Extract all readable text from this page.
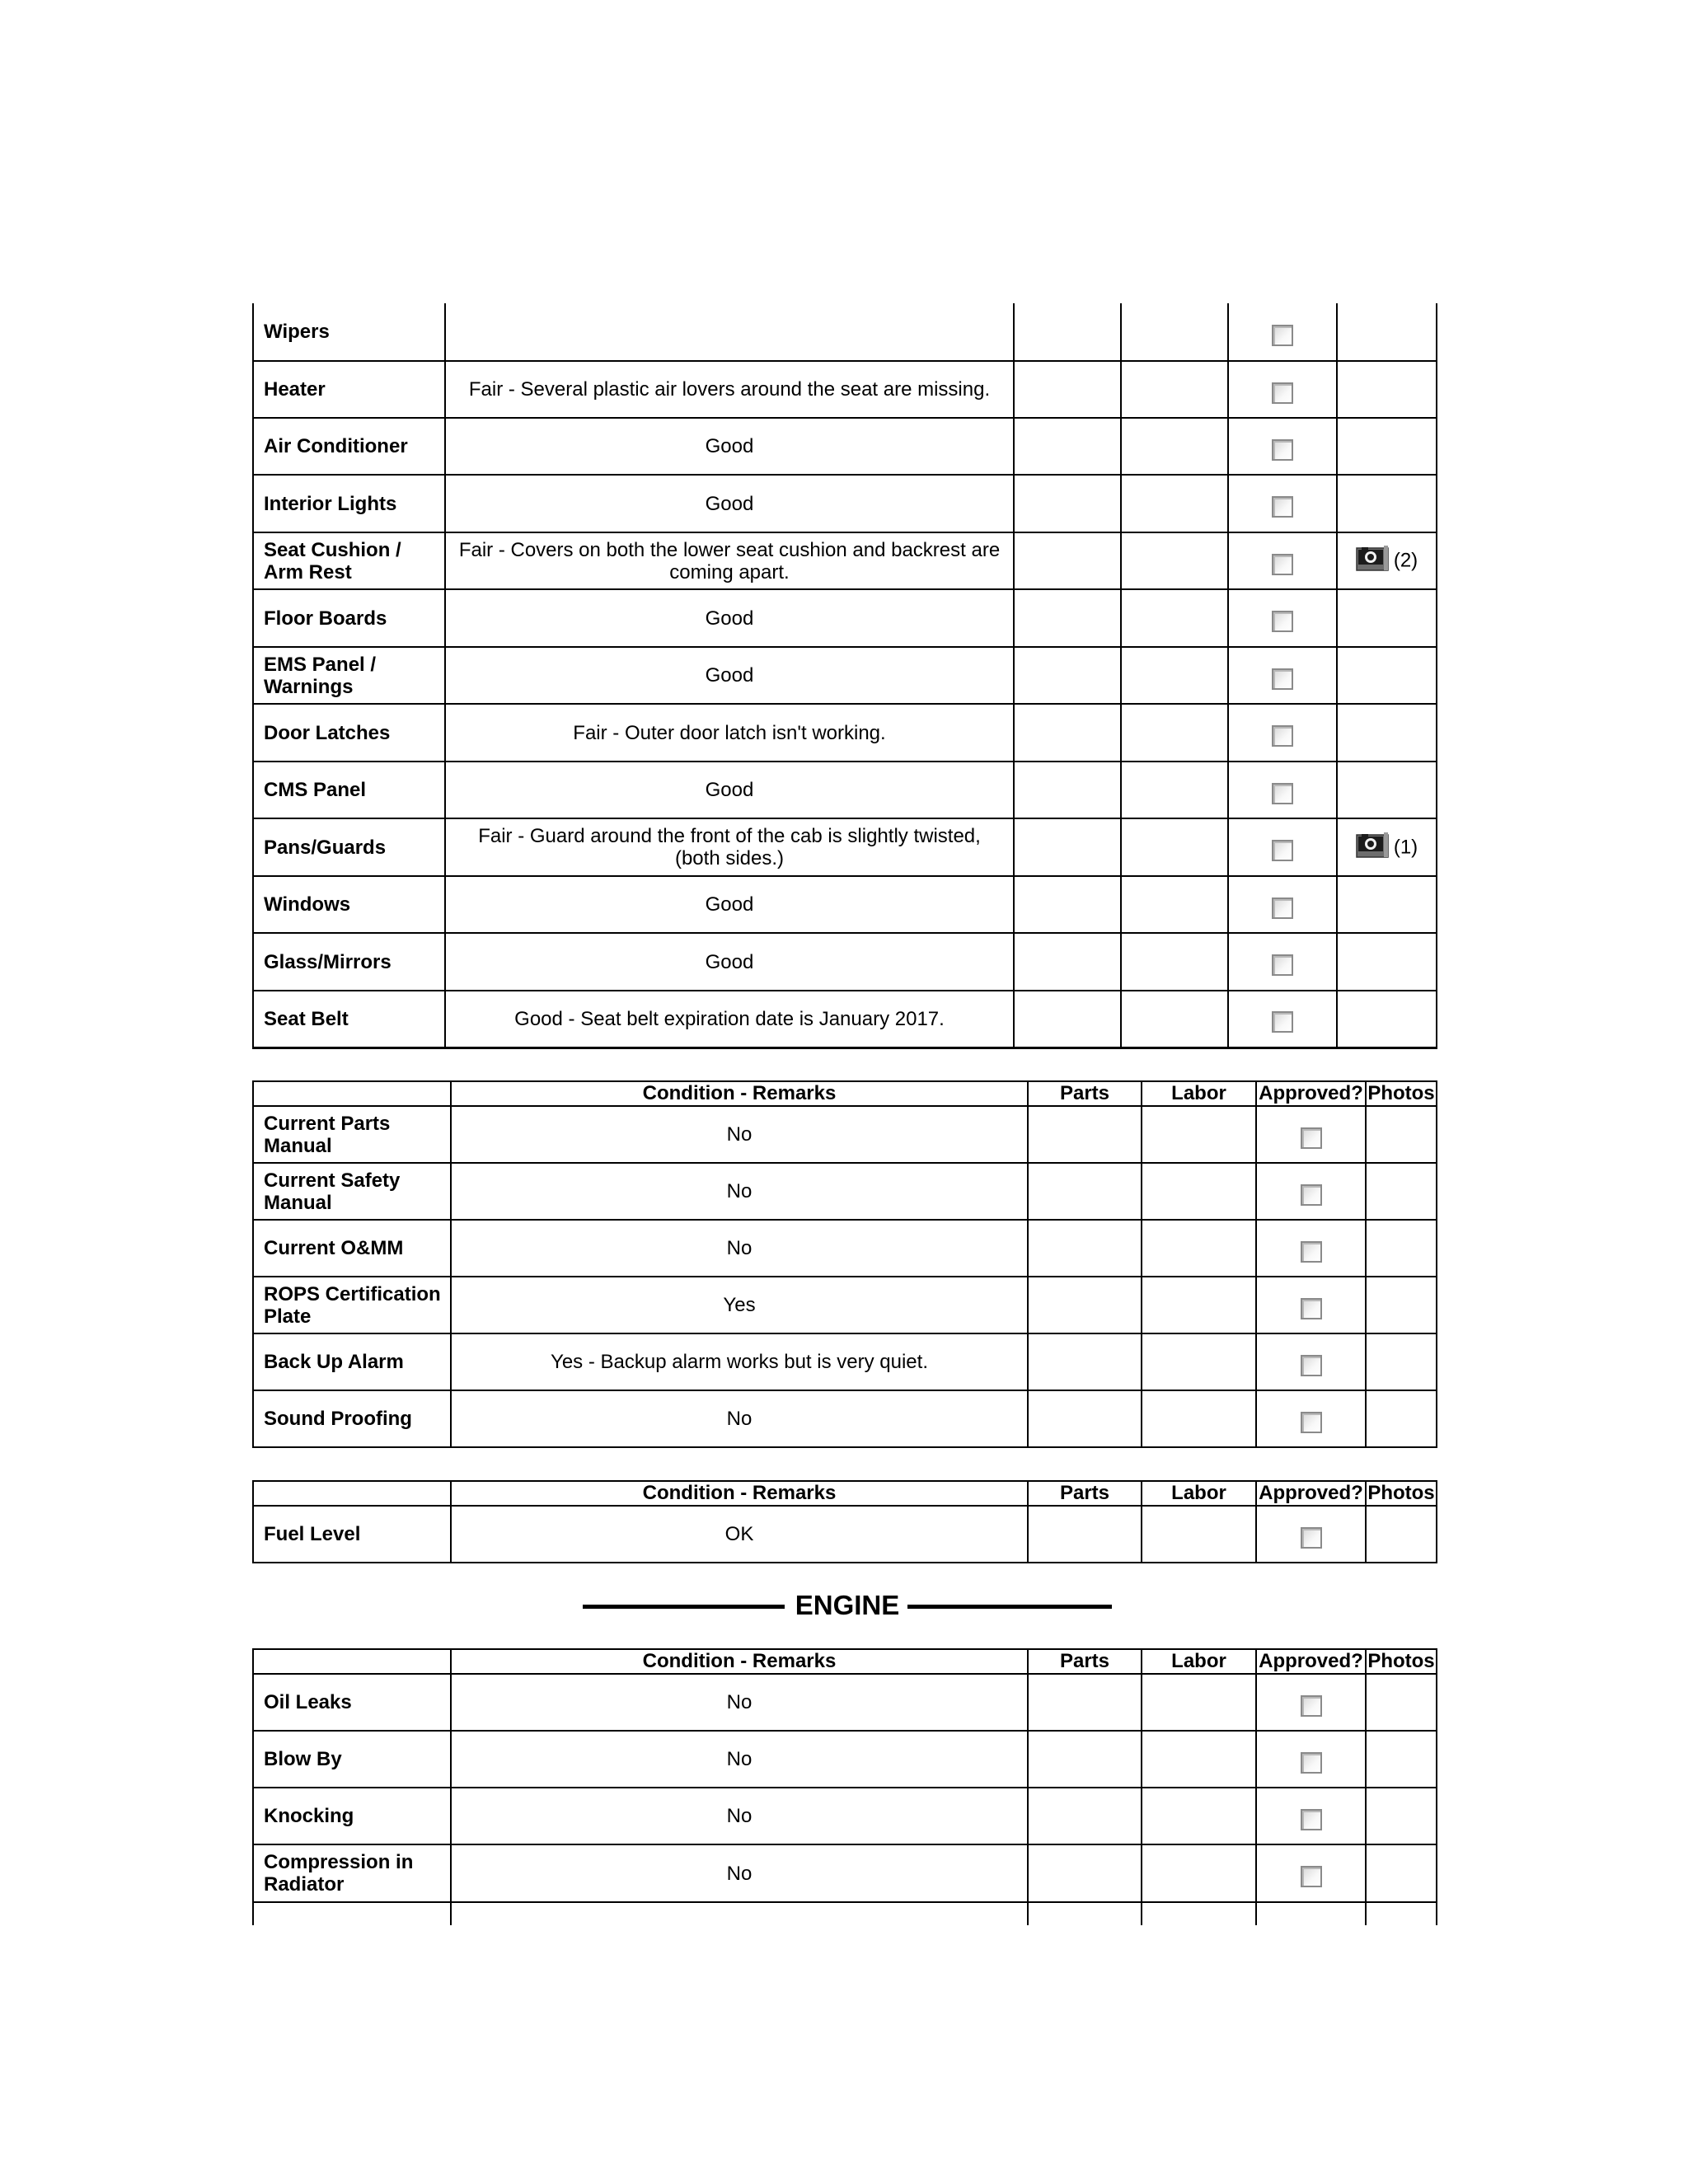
Wipers					
Heater	Fair - Several plastic air lovers around the seat are missing.				
Air Conditioner	Good				
Interior Lights	Good				
Seat Cushion / Arm Rest	Fair - Covers on both the lower seat cushion and backrest are coming apart.				(2)
Floor Boards	Good				
EMS Panel / Warnings	Good				
Door Latches	Fair - Outer door latch isn't working.				
CMS Panel	Good				
Pans/Guards	Fair - Guard around the front of the cab is slightly twisted, (both sides.)				(1)
Windows	Good				
Glass/Mirrors	Good				
Seat Belt	Good - Seat belt expiration date is January 2017.				
	Condition - Remarks	Parts	Labor	Approved?	Photos
Current Parts Manual	No				
Current Safety Manual	No				
Current O&MM	No				
ROPS Certification Plate	Yes				
Back Up Alarm	Yes - Backup alarm works but is very quiet.				
Sound Proofing	No				
	Condition - Remarks	Parts	Labor	Approved?	Photos
Fuel Level	OK				
ENGINE
	Condition - Remarks	Parts	Labor	Approved?	Photos
Oil Leaks	No				
Blow By	No				
Knocking	No				
Compression in Radiator	No				
